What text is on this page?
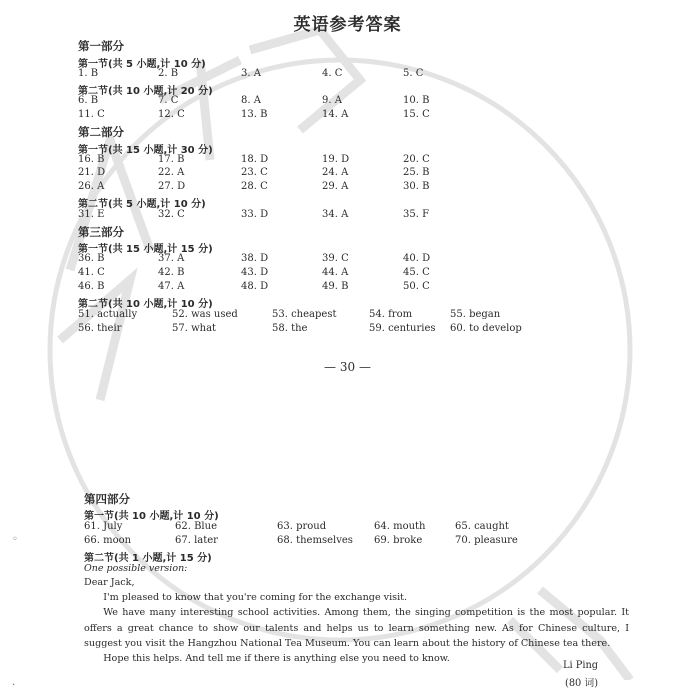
英语参考答案
第一部分
第一节(共 5 小题,计 10 分)
1. B	2. B	3. A	4. C	5. C
第二节(共 10 小题,计 20 分)
6. B	7. C	8. A	9. A	10. B
11. C	12. C	13. B	14. A	15. C
第二部分
第一节(共 15 小题,计 30 分)
16. B	17. B	18. D	19. D	20. C
21. D	22. A	23. C	24. A	25. B
26. A	27. D	28. C	29. A	30. B
第二节(共 5 小题,计 10 分)
31. E	32. C	33. D	34. A	35. F
第三部分
第一节(共 15 小题,计 15 分)
36. B	37. A	38. D	39. C	40. D
41. C	42. B	43. D	44. A	45. C
46. B	47. A	48. D	49. B	50. C
第二节(共 10 小题,计 10 分)
51. actually	52. was used	53. cheapest	54. from	55. began
56. their	57. what	58. the	59. centuries 60. to develop
— 30 —
◦
·
第四部分
第一节(共 10 小题,计 10 分)
61. July	62. Blue	63. proud	64. mouth	65. caught
66. moon	67. later	68. themselves 69. broke	70. pleasure
第二节(共 1 小题,计 15 分)
One possible version:

Dear Jack,

I'm pleased to know that you're coming for the exchange visit.

We have many interesting school activities. Among them, the singing competition is the most popular. It offers a great chance to show our talents and helps us to learn something new. As for Chinese culture, I suggest you visit the Hangzhou National Tea Museum. You can learn about the history of Chinese tea there.

Hope this helps. And tell me if there is anything else you need to know.

Li Ping
(80 词)
